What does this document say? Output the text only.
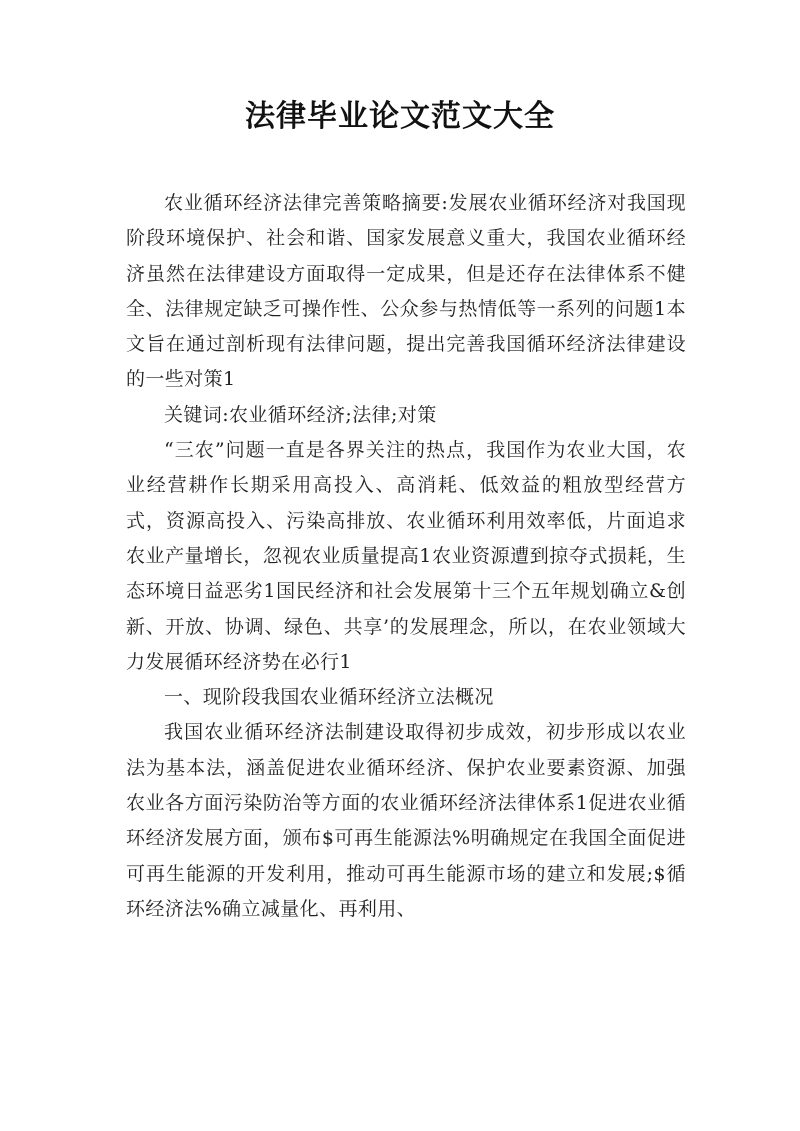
法律毕业论文范文大全

农业循环经济法律完善策略摘要:发展农业循环经济对我国现阶段环境保护、社会和谐、国家发展意义重大，我国农业循环经济虽然在法律建设方面取得一定成果，但是还存在法律体系不健全、法律规定缺乏可操作性、公众参与热情低等一系列的问题1本文旨在通过剖析现有法律问题，提出完善我国循环经济法律建设的一些对策1

关键词:农业循环经济;法律;对策

“三农”问题一直是各界关注的热点，我国作为农业大国，农业经营耕作长期采用高投入、高消耗、低效益的粗放型经营方式，资源高投入、污染高排放、农业循环利用效率低，片面追求农业产量增长，忽视农业质量提高1农业资源遭到掠夺式损耗，生态环境日益恶劣1国民经济和社会发展第十三个五年规划确立&创新、开放、协调、绿色、共享’的发展理念，所以，在农业领域大力发展循环经济势在必行1

一、现阶段我国农业循环经济立法概况

我国农业循环经济法制建设取得初步成效，初步形成以农业法为基本法，涵盖促进农业循环经济、保护农业要素资源、加强农业各方面污染防治等方面的农业循环经济法律体系1促进农业循环经济发展方面，颁布$可再生能源法%明确规定在我国全面促进可再生能源的开发利用，推动可再生能源市场的建立和发展;$循环经济法%确立减量化、再利用、
